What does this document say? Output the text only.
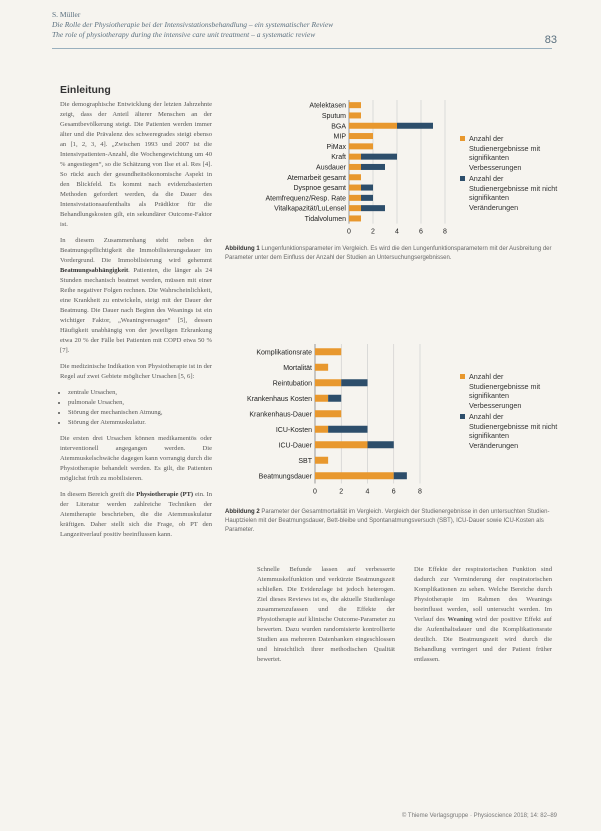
S. Müller
Die Rolle der Physiotherapie bei der Intensivstationsbehandlung – ein systematischer Review
The role of physiotherapy during the intensive care unit treatment – a systematic review	83
Einleitung

Die demographische Entwicklung der letzten Jahrzehnte zeigt, dass der Anteil älterer Menschen an der Gesamtbevölkerung steigt. Die Patienten werden immer älter und die Prävalenz des schweregrades steigt ebenso an [1, 2, 3, 4]. „Zwischen 1993 und 2007 ist die Intensivpatienten-Anzahl, die Wochengewichtung um 40 % angestiegen“, so die Schätzung von Ilse et al. Res [4]. So rückt auch der gesundheitsökonomische Aspekt in den Blickfeld. Es kommt nach evidenzbasierten Methoden gefordert werden, da die Dauer des Intensivstationsaufenthalts als Prädiktor für die Behandlungskosten gilt, ein sekundärer Outcome-Faktor ist.

In diesem Zusammenhang steht neben der Beatmungspflichtigkeit die Immobilisierungsdauer im Vordergrund. Die Immobilisierung wird gehemmt Beatmungsabhängigkeit. Patienten, die länger als 24 Stunden mechanisch beatmet werden, müssen mit einer Reihe negativer Folgen rechnen. Die Wahrscheinlichkeit, eine Krankheit zu entwickeln, steigt mit der Dauer der Beatmung. Die Dauer nach Beginn des Weanings ist ein wichtiger Faktor, „Weaningversagen“ [5], dessen Häufigkeit unabhängig von der jeweiligen Erkrankung etwa 20 % der Fälle bei Patienten mit COPD etwa 50 % [7].

Die medizinische Indikation von Physiotherapie ist in der Regel auf zwei Gebiete möglicher Ursachen [5, 6]:

• zentrale Ursachen,
• pulmonale Ursachen,
• Störung der mechanischen Atmung,
• Störung der Atemmuskulatur.

Die ersten drei Ursachen können medikamentös oder interventionell angegangen werden. Die Atemmuskelschwäche dagegen kann vorrangig durch die Physiotherapie behandelt werden. Es gilt, die Patienten möglichst früh zu mobilisieren.

In diesem Bereich greift die Physiotherapie (PT) ein. In der Literatur werden zahlreiche Techniken der Atemtherapie beschrieben, die die Atemmuskulatur kräftigen. Daher stellt sich die Frage, ob PT den Langzeitverlauf positiv beeinflussen kann.

Schnelle Befunde lassen auf verbesserte Atemmuskelfunktion und verkürzte Beatmungszeit schließen. Die Evidenzlage ist jedoch heterogen. Ziel dieses Reviews ist es, die aktuelle Studienlage zusammenzufassen und die Effekte der Physiotherapie auf klinische Outcome-Parameter zu bewerten. Dazu wurden randomisierte kontrollierte Studien aus mehreren Datenbanken eingeschlossen und hinsichtlich ihrer methodischen Qualität bewertet.
Die Effekte der respiratorischen Funktion sind dadurch zur Verminderung der respiratorischen Komplikationen zu sehen. Welche Bereiche durch Physiotherapie im Rahmen des Weanings beeinflusst werden, soll untersucht werden. Im Verlauf des Weaning wird der positive Effekt auf die Aufenthaltsdauer und die Komplikationsrate deutlich. Die Beatmungszeit wird durch die Behandlung verringert und der Patient früher entlassen.
0	2	4	6	8
Atelektasen
Sputum
BGA
MIP
PiMax
Kraft
Ausdauer
Atemarbeit gesamt
Dyspnoe gesamt
Atemfrequenz/Resp. Rate
Vitalkapazität/LuLensel
Tidalvolumen
Anzahl der Studienergebnisse mit signifikanten Verbesserungen
Anzahl der Studienergebnisse mit nicht signifikanten Veränderungen
Abbildung 1 Lungenfunktionsparameter im Vergleich. Es wird die den Lungenfunktionsparametern mit der Ausbreitung der Parameter unter dem Einfluss der Anzahl der Studien an Untersuchungsergebnissen.
0	2	4	6	8
Komplikationsrate
Mortalität
Reintubation
Krankenhaus Kosten
Krankenhaus-Dauer
ICU-Kosten
ICU-Dauer
SBT
Beatmungsdauer
Anzahl der Studienergebnisse mit signifikanten Verbesserungen
Anzahl der Studienergebnisse mit nicht signifikanten Veränderungen
Abbildung 2 Parameter der Gesamtmortalität im Vergleich. Vergleich der Studienergebnisse in den untersuchten Studien-Hauptzielen mit der Beatmungsdauer, Bett-bleibe und Spontanatmungsversuch (SBT), ICU-Dauer sowie ICU-Kosten als Parameter.
© Thieme Verlagsgruppe · Physioscience 2018; 14: 82–89
